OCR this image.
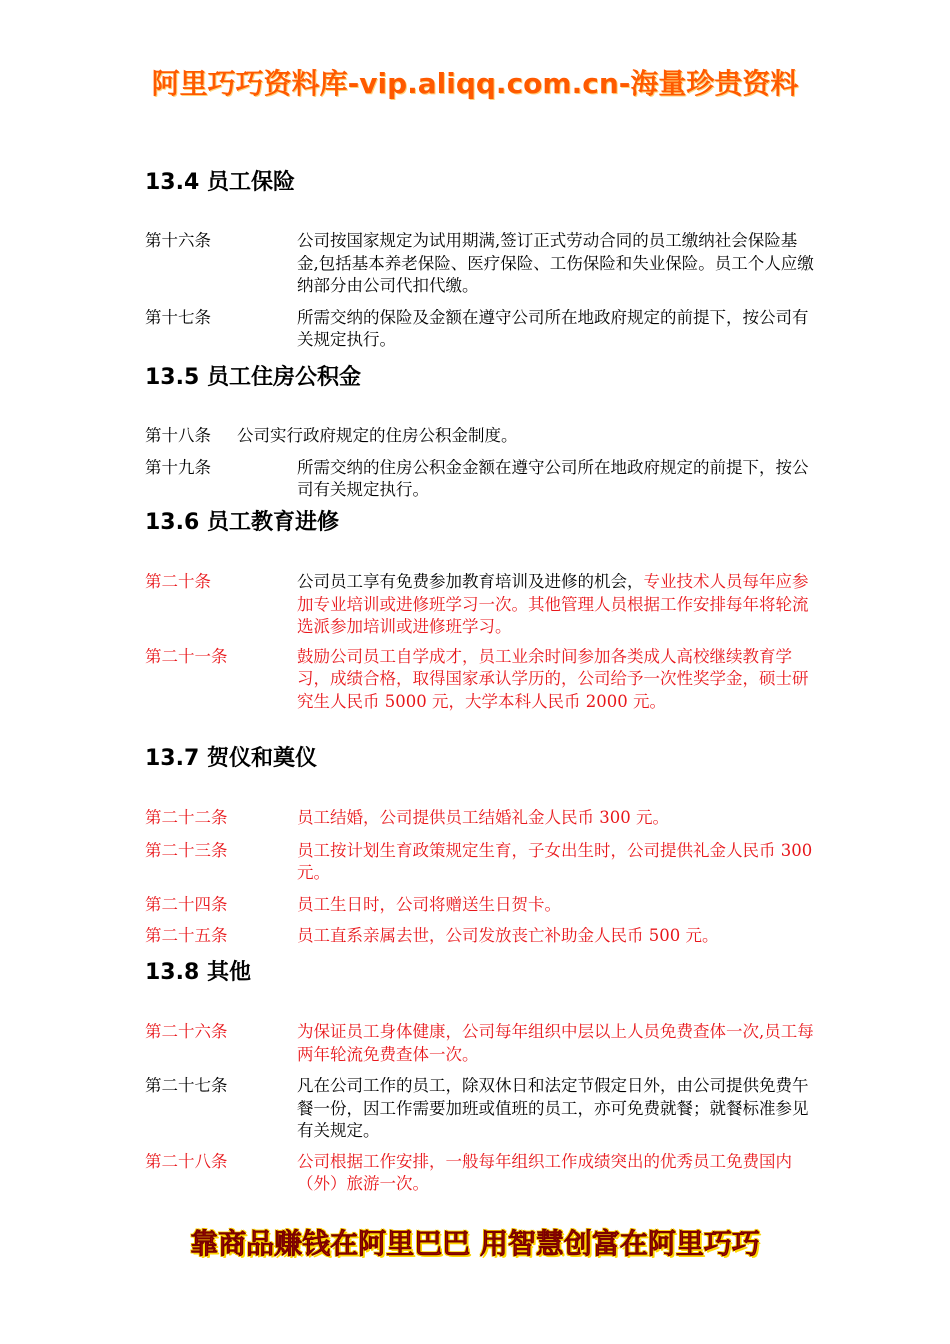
阿里巧巧资料库-vip.aliqq.com.cn-海量珍贵资料
13.4 员工保险
第十六条	公司按国家规定为试用期满,签订正式劳动合同的员工缴纳社会保险基金,包括基本养老保险、医疗保险、工伤保险和失业保险。员工个人应缴纳部分由公司代扣代缴。
第十七条	所需交纳的保险及金额在遵守公司所在地政府规定的前提下，按公司有关规定执行。
13.5 员工住房公积金
第十八条 公司实行政府规定的住房公积金制度。
第十九条	所需交纳的住房公积金金额在遵守公司所在地政府规定的前提下，按公司有关规定执行。
13.6 员工教育进修
第二十条	公司员工享有免费参加教育培训及进修的机会，专业技术人员每年应参加专业培训或进修班学习一次。其他管理人员根据工作安排每年将轮流选派参加培训或进修班学习。
第二十一条	鼓励公司员工自学成才，员工业余时间参加各类成人高校继续教育学习，成绩合格，取得国家承认学历的，公司给予一次性奖学金，硕士研究生人民币 5000 元，大学本科人民币 2000 元。
13.7 贺仪和奠仪
第二十二条	员工结婚，公司提供员工结婚礼金人民币 300 元。
第二十三条	员工按计划生育政策规定生育，子女出生时，公司提供礼金人民币 300 元。
第二十四条	员工生日时，公司将赠送生日贺卡。
第二十五条	员工直系亲属去世，公司发放丧亡补助金人民币 500 元。
13.8 其他
第二十六条	为保证员工身体健康，公司每年组织中层以上人员免费查体一次,员工每两年轮流免费查体一次。
第二十七条	凡在公司工作的员工，除双休日和法定节假定日外，由公司提供免费午餐一份，因工作需要加班或值班的员工，亦可免费就餐；就餐标准参见有关规定。
第二十八条	公司根据工作安排，一般每年组织工作成绩突出的优秀员工免费国内（外）旅游一次。
靠商品赚钱在阿里巴巴 用智慧创富在阿里巧巧
